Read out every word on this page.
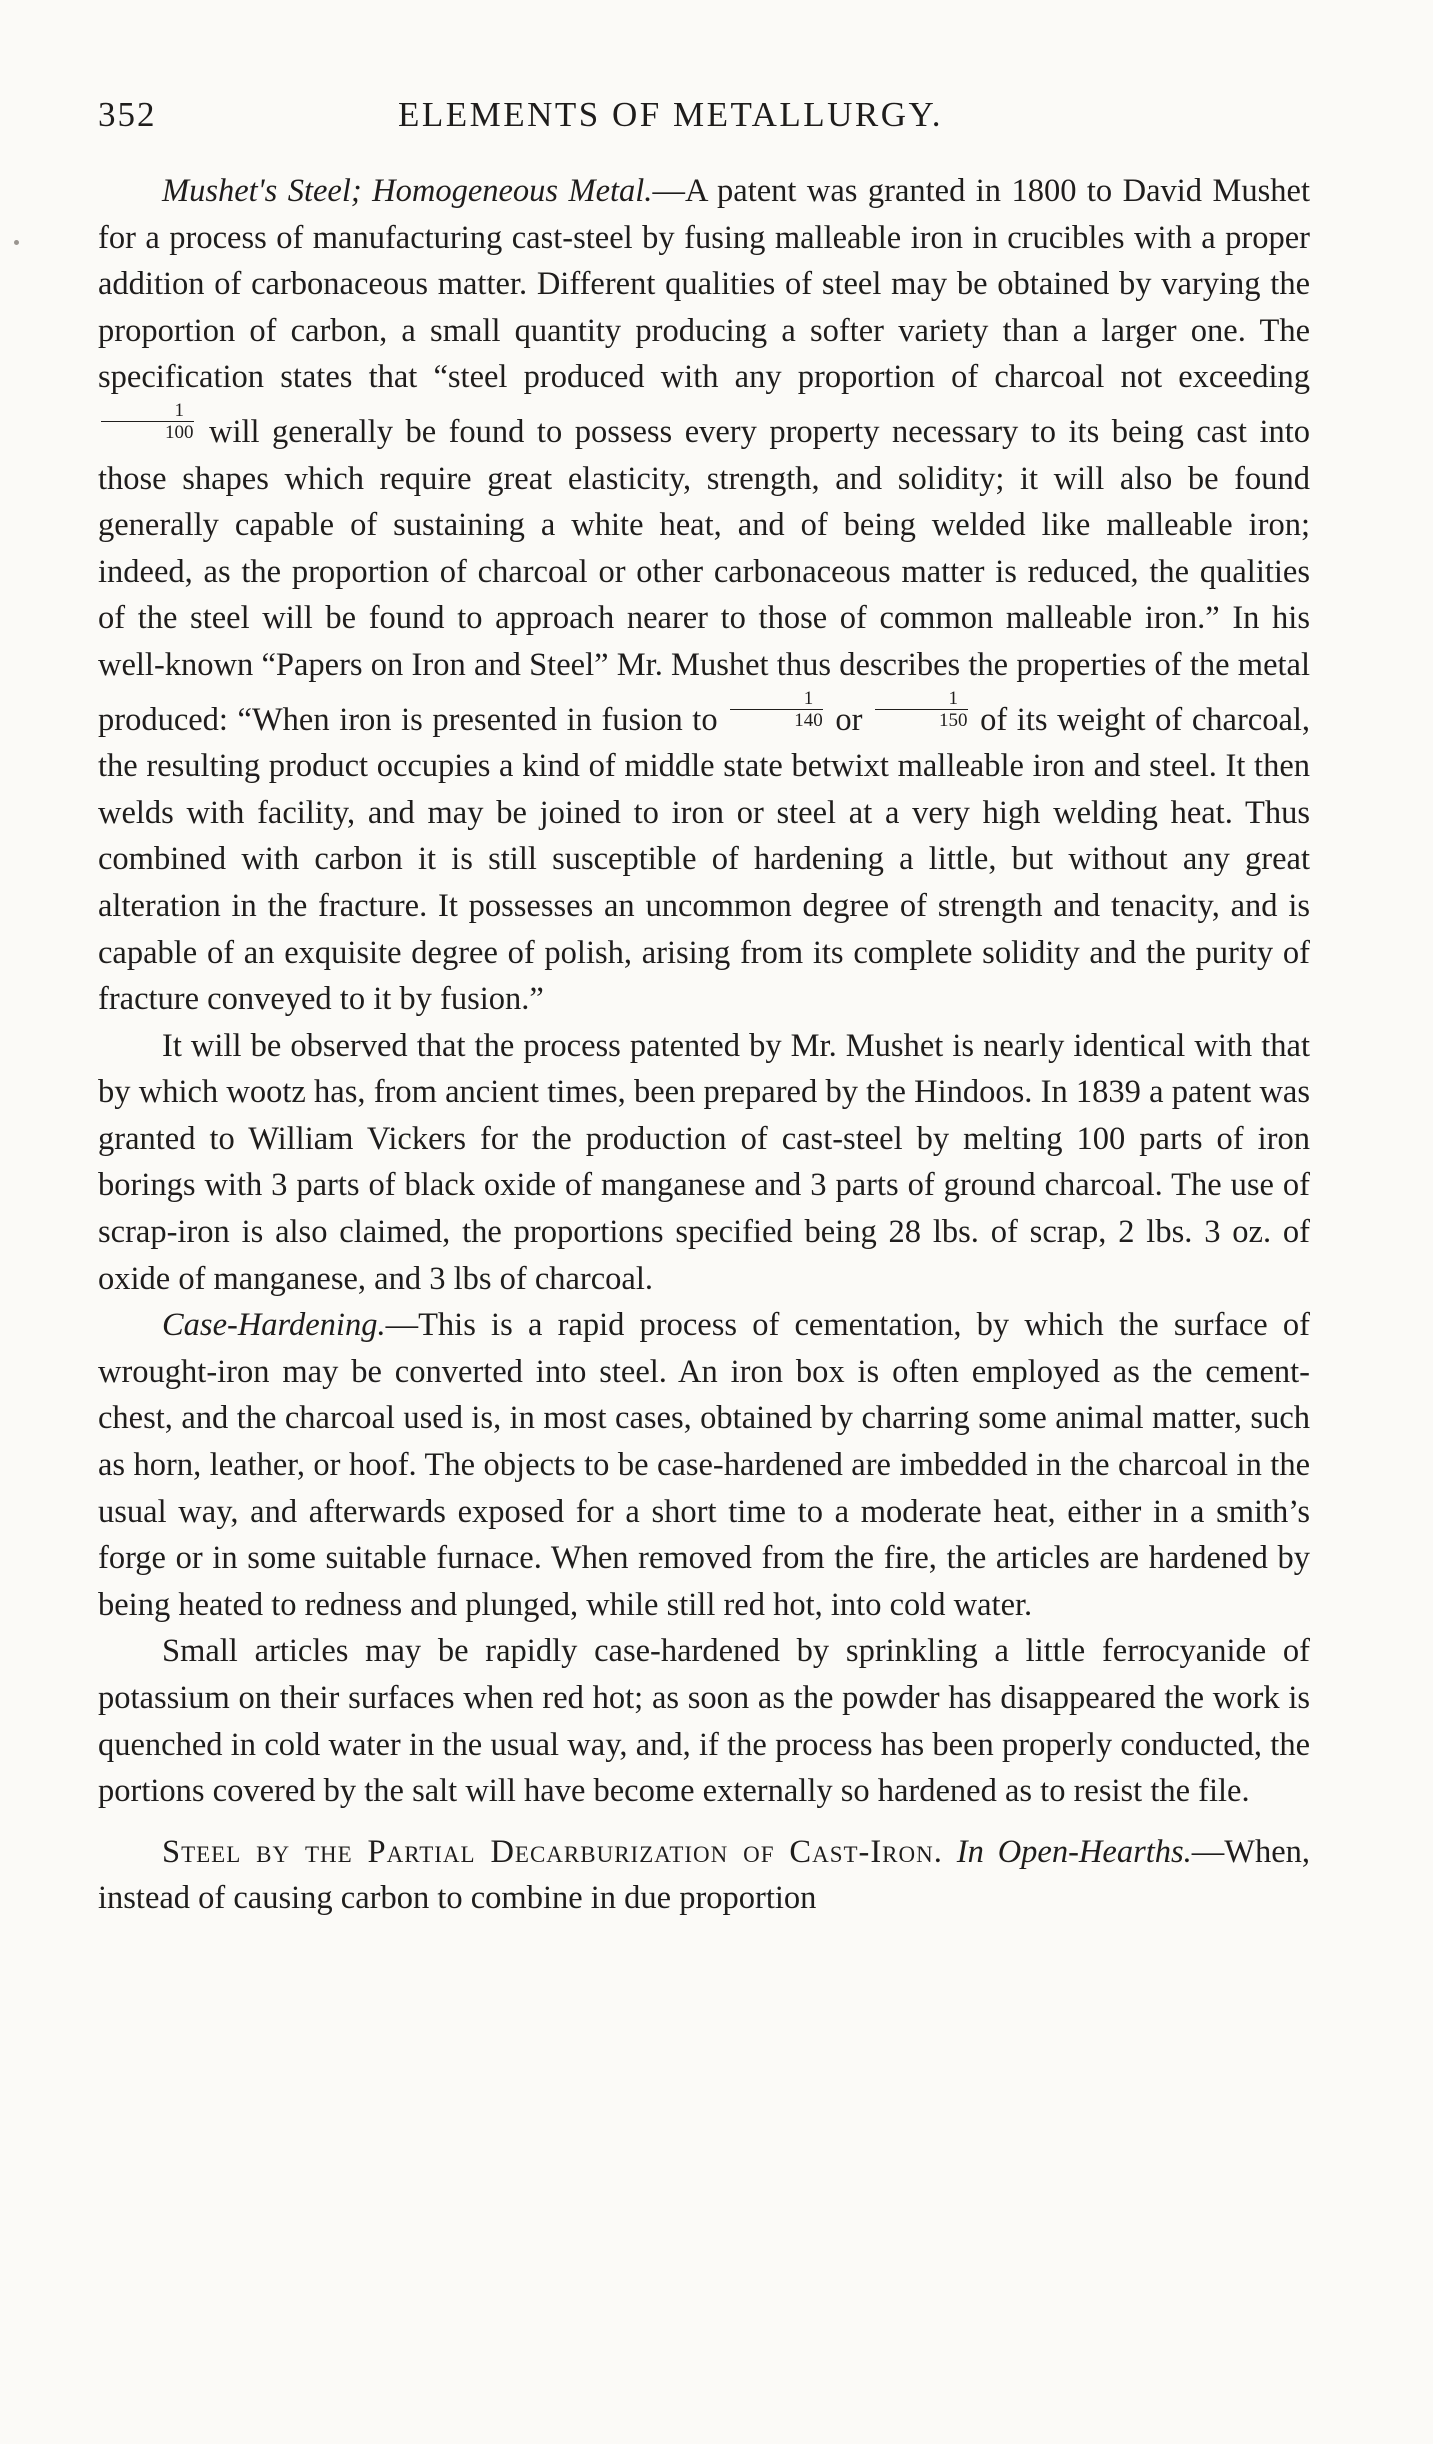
352	ELEMENTS OF METALLURGY.

Mushet's Steel; Homogeneous Metal.—A patent was granted in 1800 to David Mushet for a process of manufacturing cast-steel by fusing malleable iron in crucibles with a proper addition of carbonaceous matter. Different qualities of steel may be obtained by varying the proportion of carbon, a small quantity producing a softer variety than a larger one. The specification states that “steel produced with any proportion of charcoal not exceeding
$\frac{1}{100}$ will generally be found to possess every property necessary to its being cast into those shapes which require great elasticity, strength, and solidity; it will also be found generally capable of sustaining a white heat, and of being welded like malleable iron; indeed, as the proportion of charcoal or other carbonaceous matter is reduced, the qualities of the steel will be found to approach nearer to those of common malleable iron.” In his well-known “Papers on Iron and Steel” Mr. Mushet thus describes the properties of the metal produced: “When iron is presented in fusion to $\frac{1}{140}$ or $\frac{1}{150}$ of its weight of charcoal, the resulting product occupies a kind of middle state betwixt malleable iron and steel. It then welds with facility, and may be joined to iron or steel at a very high welding heat. Thus combined with carbon it is still susceptible of hardening a little, but without any great alteration in the fracture. It possesses an uncommon degree of strength and tenacity, and is capable of an exquisite degree of polish, arising from its complete solidity and the purity of fracture conveyed to it by fusion.”

It will be observed that the process patented by Mr. Mushet is nearly identical with that by which wootz has, from ancient times, been prepared by the Hindoos. In 1839 a patent was granted to William Vickers for the production of cast-steel by melting 100 parts of iron borings with 3 parts of black oxide of manganese and 3 parts of ground charcoal. The use of scrap-iron is also claimed, the proportions specified being 28 lbs. of scrap, 2 lbs. 3 oz. of oxide of manganese, and 3 lbs of charcoal.

Case-Hardening.—This is a rapid process of cementation, by which the surface of wrought-iron may be converted into steel. An iron box is often employed as the cement-chest, and the charcoal used is, in most cases, obtained by charring some animal matter, such as horn, leather, or hoof. The objects to be case-hardened are imbedded in the charcoal in the usual way, and afterwards exposed for a short time to a moderate heat, either in a smith’s forge or in some suitable furnace. When removed from the fire, the articles are hardened by being heated to redness and plunged, while still red hot, into cold water.

Small articles may be rapidly case-hardened by sprinkling a little ferrocyanide of potassium on their surfaces when red hot; as soon as the powder has disappeared the work is quenched in cold water in the usual way, and, if the process has been properly conducted, the portions covered by the salt will have become externally so hardened as to resist the file.

Steel by the Partial Decarburization of Cast-Iron. In Open-Hearths.—When, instead of causing carbon to combine in due proportion
